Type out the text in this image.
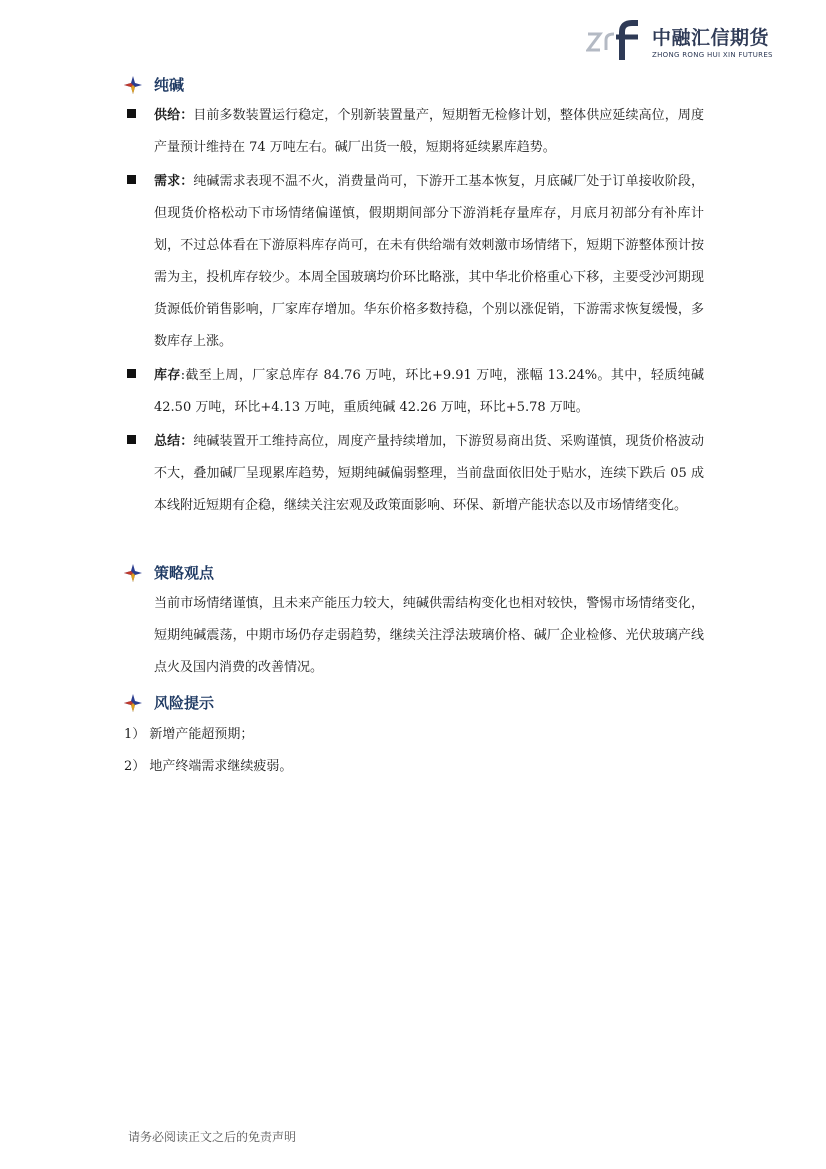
中融汇信期货
ZHONG RONG HUI XIN FUTURES
纯碱
供给：目前多数装置运行稳定，个别新装置量产，短期暂无检修计划，整体供应延续高位，周度产量预计维持在 74 万吨左右。碱厂出货一般，短期将延续累库趋势。
需求：纯碱需求表现不温不火，消费量尚可，下游开工基本恢复，月底碱厂处于订单接收阶段，但现货价格松动下市场情绪偏谨慎，假期期间部分下游消耗存量库存，月底月初部分有补库计划，不过总体看在下游原料库存尚可，在未有供给端有效刺激市场情绪下，短期下游整体预计按需为主，投机库存较少。本周全国玻璃均价环比略涨，其中华北价格重心下移，主要受沙河期现货源低价销售影响，厂家库存增加。华东价格多数持稳，个别以涨促销，下游需求恢复缓慢，多数库存上涨。
库存:截至上周，厂家总库存 84.76 万吨，环比+9.91 万吨，涨幅 13.24%。其中，轻质纯碱 42.50 万吨，环比+4.13 万吨，重质纯碱 42.26 万吨，环比+5.78 万吨。
总结：纯碱装置开工维持高位，周度产量持续增加，下游贸易商出货、采购谨慎，现货价格波动不大，叠加碱厂呈现累库趋势，短期纯碱偏弱整理，当前盘面依旧处于贴水，连续下跌后 05 成本线附近短期有企稳，继续关注宏观及政策面影响、环保、新增产能状态以及市场情绪变化。
策略观点
当前市场情绪谨慎，且未来产能压力较大，纯碱供需结构变化也相对较快，警惕市场情绪变化，短期纯碱震荡，中期市场仍存走弱趋势，继续关注浮法玻璃价格、碱厂企业检修、光伏玻璃产线点火及国内消费的改善情况。
风险提示
1） 新增产能超预期；
2） 地产终端需求继续疲弱。
请务必阅读正文之后的免责声明
